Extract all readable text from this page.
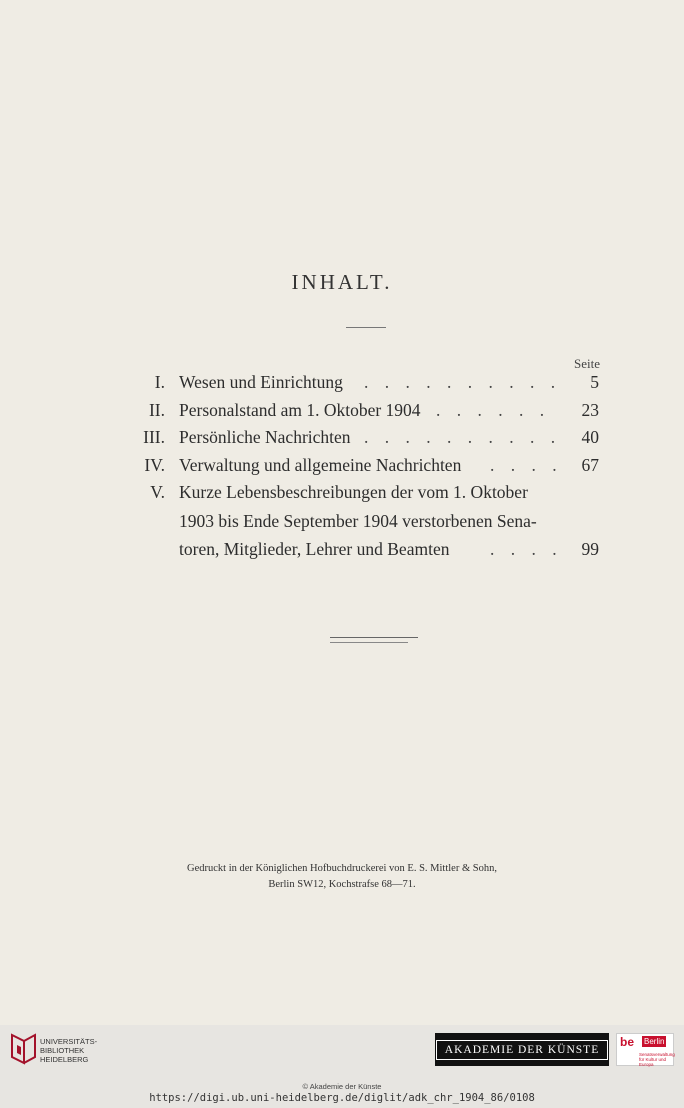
INHALT.
Seite
I. Wesen und Einrichtung . . . . . . . . . . 5
II. Personalstand am 1. Oktober 1904 . . . . . . 23
III. Persönliche Nachrichten . . . . . . . . . . 40
IV. Verwaltung und allgemeine Nachrichten . . . . 67
V. Kurze Lebensbeschreibungen der vom 1. Oktober
1903 bis Ende September 1904 verstorbenen Sena-
toren, Mitglieder, Lehrer und Beamten . . . . 99
Gedruckt in der Königlichen Hofbuchdruckerei von E. S. Mittler & Sohn,
Berlin SW12, Kochstrafse 68—71.
UNIVERSITÄTS-
BIBLIOTHEK
HEIDELBERG
AKADEMIE DER KÜNSTE
be Berlin
Senatsverwaltung
für Kultur und Europa
© Akademie der Künste
https://digi.ub.uni-heidelberg.de/diglit/adk_chr_1904_86/0108
